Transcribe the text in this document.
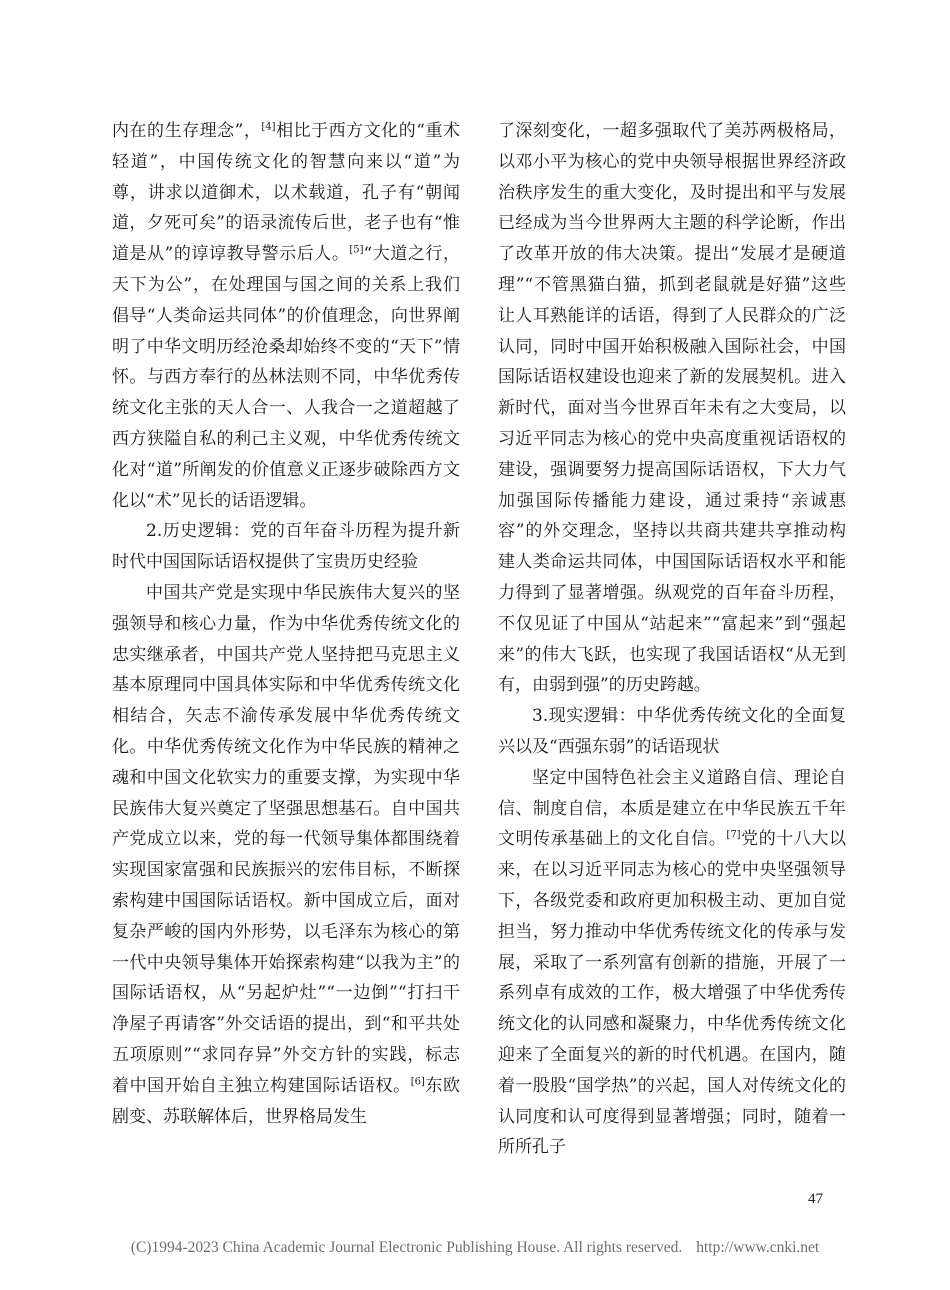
内在的生存理念”，[4]相比于西方文化的“重术轻道”，中国传统文化的智慧向来以“道”为尊，讲求以道御术，以术载道，孔子有“朝闻道，夕死可矣”的语录流传后世，老子也有“惟道是从”的谆谆教导警示后人。[5]“大道之行，天下为公”，在处理国与国之间的关系上我们倡导“人类命运共同体”的价值理念，向世界阐明了中华文明历经沧桑却始终不变的“天下”情怀。与西方奉行的丛林法则不同，中华优秀传统文化主张的天人合一、人我合一之道超越了西方狭隘自私的利己主义观，中华优秀传统文化对“道”所阐发的价值意义正逐步破除西方文化以“术”见长的话语逻辑。

2.历史逻辑：党的百年奋斗历程为提升新时代中国国际话语权提供了宝贵历史经验

中国共产党是实现中华民族伟大复兴的坚强领导和核心力量，作为中华优秀传统文化的忠实继承者，中国共产党人坚持把马克思主义基本原理同中国具体实际和中华优秀传统文化相结合，矢志不渝传承发展中华优秀传统文化。中华优秀传统文化作为中华民族的精神之魂和中国文化软实力的重要支撑，为实现中华民族伟大复兴奠定了坚强思想基石。自中国共产党成立以来，党的每一代领导集体都围绕着实现国家富强和民族振兴的宏伟目标，不断探索构建中国国际话语权。新中国成立后，面对复杂严峻的国内外形势，以毛泽东为核心的第一代中央领导集体开始探索构建“以我为主”的国际话语权，从“另起炉灶”“一边倒”“打扫干净屋子再请客”外交话语的提出，到“和平共处五项原则”“求同存异”外交方针的实践，标志着中国开始自主独立构建国际话语权。[6]东欧剧变、苏联解体后，世界格局发生

了深刻变化，一超多强取代了美苏两极格局，以邓小平为核心的党中央领导根据世界经济政治秩序发生的重大变化，及时提出和平与发展已经成为当今世界两大主题的科学论断，作出了改革开放的伟大决策。提出“发展才是硬道理”“不管黑猫白猫，抓到老鼠就是好猫”这些让人耳熟能详的话语，得到了人民群众的广泛认同，同时中国开始积极融入国际社会，中国国际话语权建设也迎来了新的发展契机。进入新时代，面对当今世界百年未有之大变局，以习近平同志为核心的党中央高度重视话语权的建设，强调要努力提高国际话语权，下大力气加强国际传播能力建设，通过秉持“亲诚惠容”的外交理念，坚持以共商共建共享推动构建人类命运共同体，中国国际话语权水平和能力得到了显著增强。纵观党的百年奋斗历程，不仅见证了中国从“站起来”“富起来”到“强起来”的伟大飞跃，也实现了我国话语权“从无到有，由弱到强”的历史跨越。

3.现实逻辑：中华优秀传统文化的全面复兴以及“西强东弱”的话语现状

坚定中国特色社会主义道路自信、理论自信、制度自信，本质是建立在中华民族五千年文明传承基础上的文化自信。[7]党的十八大以来，在以习近平同志为核心的党中央坚强领导下，各级党委和政府更加积极主动、更加自觉担当，努力推动中华优秀传统文化的传承与发展，采取了一系列富有创新的措施，开展了一系列卓有成效的工作，极大增强了中华优秀传统文化的认同感和凝聚力，中华优秀传统文化迎来了全面复兴的新的时代机遇。在国内，随着一股股“国学热”的兴起，国人对传统文化的认同度和认可度得到显著增强；同时，随着一所所孔子

47
(C)1994-2023 China Academic Journal Electronic Publishing House. All rights reserved. http://www.cnki.net
